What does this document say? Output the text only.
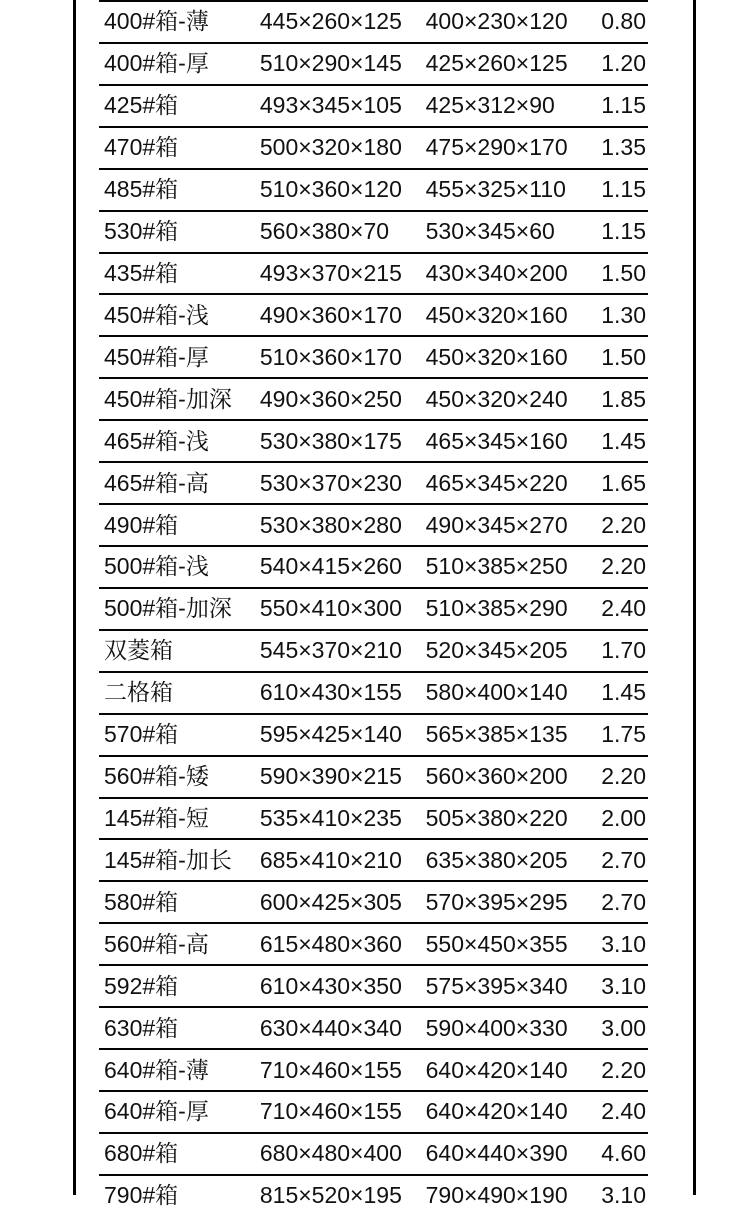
400#箱-薄	445×260×125	400×230×120	0.80
400#箱-厚	510×290×145	425×260×125	1.20
425#箱	493×345×105	425×312×90	1.15
470#箱	500×320×180	475×290×170	1.35
485#箱	510×360×120	455×325×110	1.15
530#箱	560×380×70	530×345×60	1.15
435#箱	493×370×215	430×340×200	1.50
450#箱-浅	490×360×170	450×320×160	1.30
450#箱-厚	510×360×170	450×320×160	1.50
450#箱-加深	490×360×250	450×320×240	1.85
465#箱-浅	530×380×175	465×345×160	1.45
465#箱-高	530×370×230	465×345×220	1.65
490#箱	530×380×280	490×345×270	2.20
500#箱-浅	540×415×260	510×385×250	2.20
500#箱-加深	550×410×300	510×385×290	2.40
双菱箱	545×370×210	520×345×205	1.70
二格箱	610×430×155	580×400×140	1.45
570#箱	595×425×140	565×385×135	1.75
560#箱-矮	590×390×215	560×360×200	2.20
145#箱-短	535×410×235	505×380×220	2.00
145#箱-加长	685×410×210	635×380×205	2.70
580#箱	600×425×305	570×395×295	2.70
560#箱-高	615×480×360	550×450×355	3.10
592#箱	610×430×350	575×395×340	3.10
630#箱	630×440×340	590×400×330	3.00
640#箱-薄	710×460×155	640×420×140	2.20
640#箱-厚	710×460×155	640×420×140	2.40
680#箱	680×480×400	640×440×390	4.60
790#箱	815×520×195	790×490×190	3.10
